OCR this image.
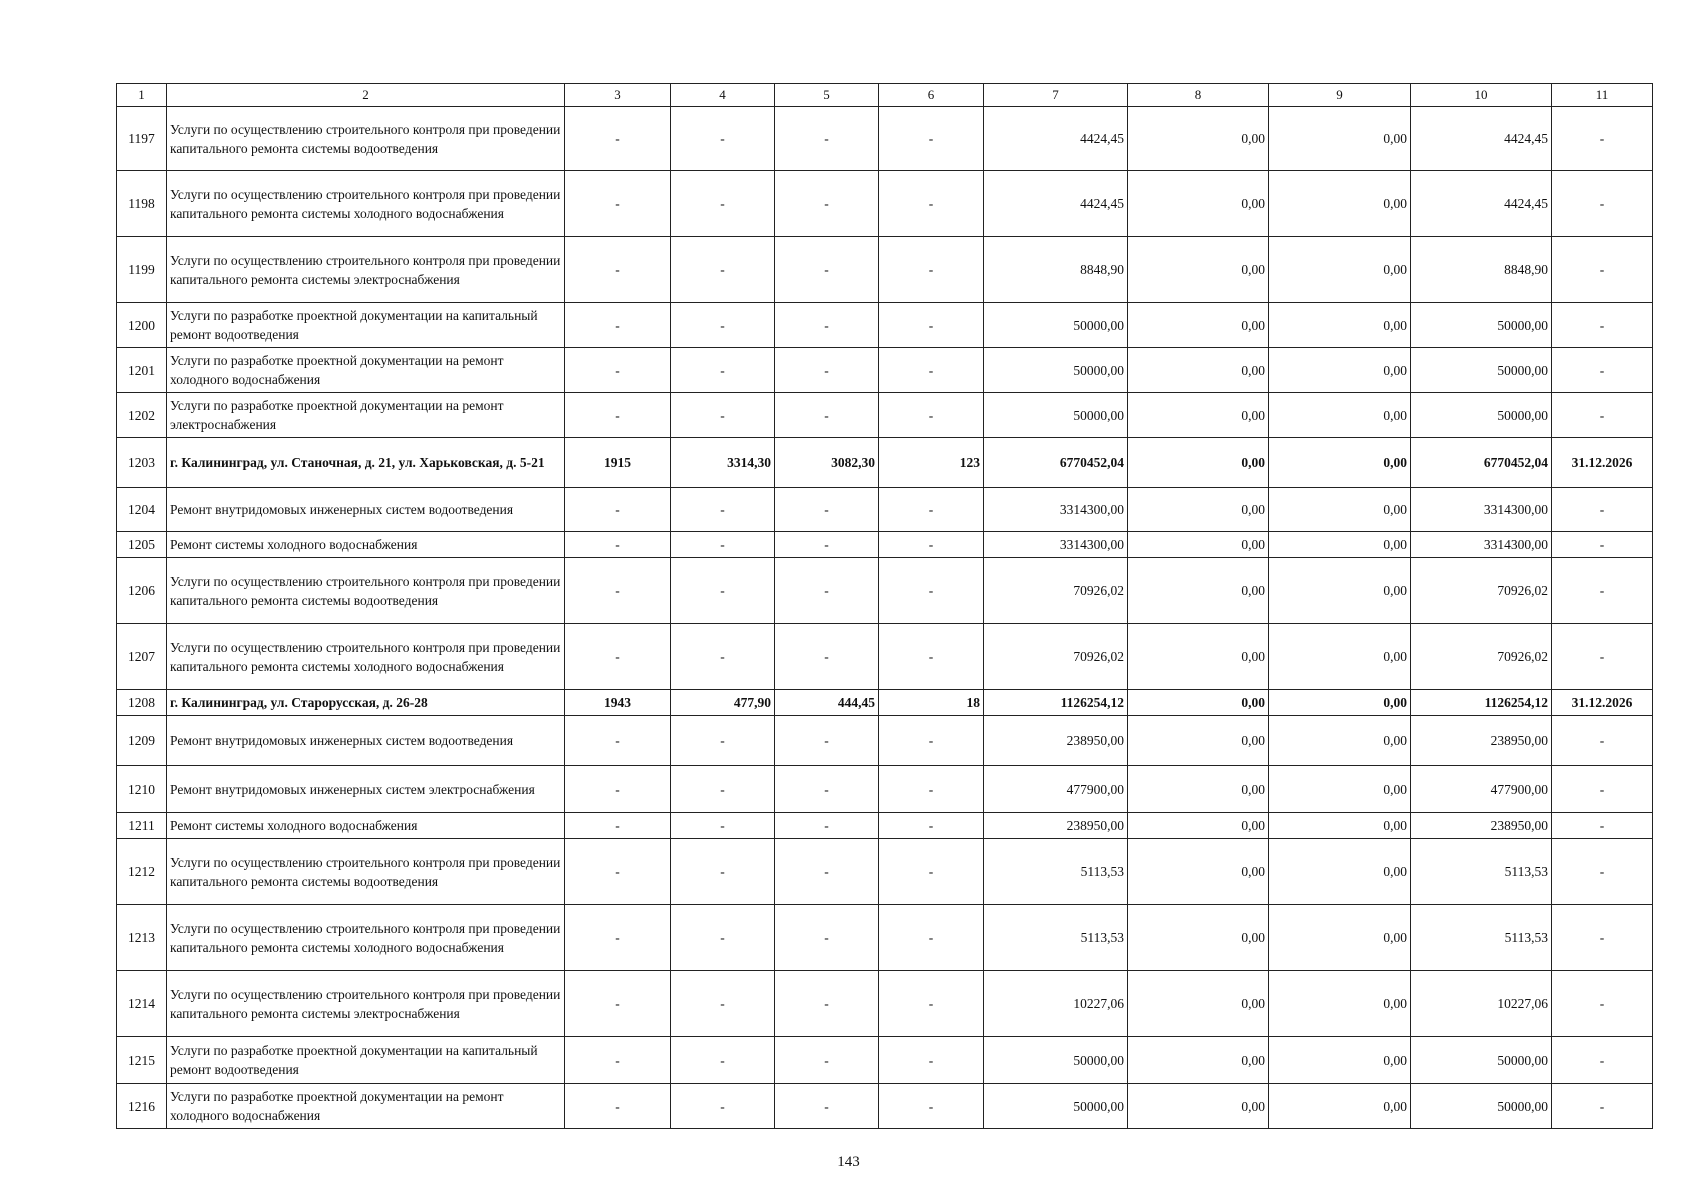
1	2	3	4	5	6	7	8	9	10	11
1197	Услуги по осуществлению строительного контроля при проведении капитального ремонта системы водоотведения	-	-	-	-	4424,45	0,00	0,00	4424,45	-
1198	Услуги по осуществлению строительного контроля при проведении капитального ремонта системы холодного водоснабжения	-	-	-	-	4424,45	0,00	0,00	4424,45	-
1199	Услуги по осуществлению строительного контроля при проведении капитального ремонта системы электроснабжения	-	-	-	-	8848,90	0,00	0,00	8848,90	-
1200	Услуги по разработке проектной документации на капитальный ремонт водоотведения	-	-	-	-	50000,00	0,00	0,00	50000,00	-
1201	Услуги по разработке проектной документации на ремонт холодного водоснабжения	-	-	-	-	50000,00	0,00	0,00	50000,00	-
1202	Услуги по разработке проектной документации на ремонт электроснабжения	-	-	-	-	50000,00	0,00	0,00	50000,00	-
1203	г. Калининград, ул. Станочная, д. 21, ул. Харьковская, д. 5-21	1915	3314,30	3082,30	123	6770452,04	0,00	0,00	6770452,04	31.12.2026
1204	Ремонт внутридомовых инженерных систем водоотведения	-	-	-	-	3314300,00	0,00	0,00	3314300,00	-
1205	Ремонт системы холодного водоснабжения	-	-	-	-	3314300,00	0,00	0,00	3314300,00	-
1206	Услуги по осуществлению строительного контроля при проведении капитального ремонта системы водоотведения	-	-	-	-	70926,02	0,00	0,00	70926,02	-
1207	Услуги по осуществлению строительного контроля при проведении капитального ремонта системы холодного водоснабжения	-	-	-	-	70926,02	0,00	0,00	70926,02	-
1208	г. Калининград, ул. Старорусская, д. 26-28	1943	477,90	444,45	18	1126254,12	0,00	0,00	1126254,12	31.12.2026
1209	Ремонт внутридомовых инженерных систем водоотведения	-	-	-	-	238950,00	0,00	0,00	238950,00	-
1210	Ремонт внутридомовых инженерных систем электроснабжения	-	-	-	-	477900,00	0,00	0,00	477900,00	-
1211	Ремонт системы холодного водоснабжения	-	-	-	-	238950,00	0,00	0,00	238950,00	-
1212	Услуги по осуществлению строительного контроля при проведении капитального ремонта системы водоотведения	-	-	-	-	5113,53	0,00	0,00	5113,53	-
1213	Услуги по осуществлению строительного контроля при проведении капитального ремонта системы холодного водоснабжения	-	-	-	-	5113,53	0,00	0,00	5113,53	-
1214	Услуги по осуществлению строительного контроля при проведении капитального ремонта системы электроснабжения	-	-	-	-	10227,06	0,00	0,00	10227,06	-
1215	Услуги по разработке проектной документации на капитальный ремонт водоотведения	-	-	-	-	50000,00	0,00	0,00	50000,00	-
1216	Услуги по разработке проектной документации на ремонт холодного водоснабжения	-	-	-	-	50000,00	0,00	0,00	50000,00	-
143
